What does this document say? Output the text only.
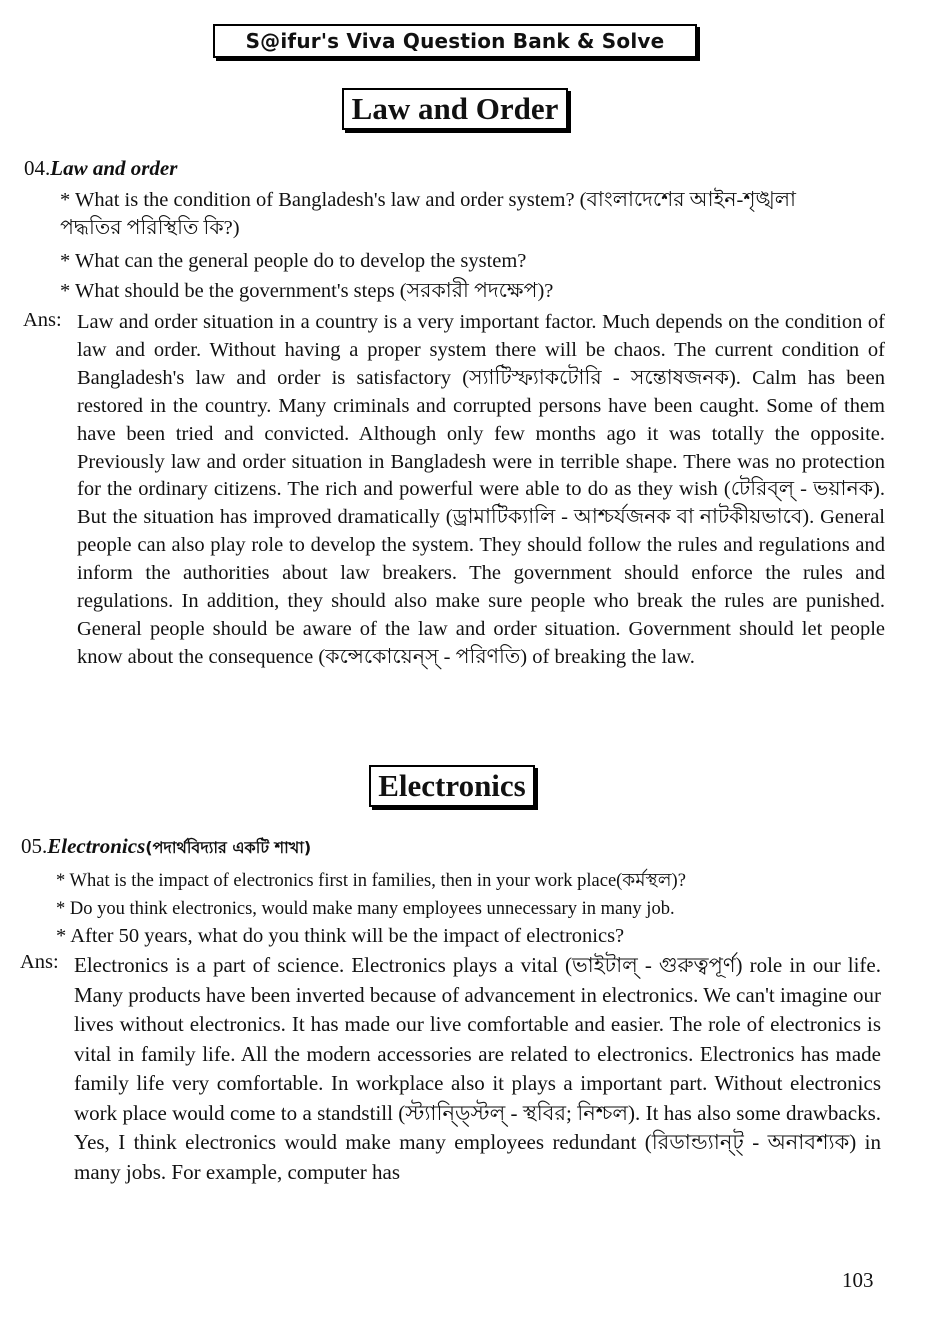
S@ifur's Viva Question Bank & Solve
Law and Order
04.Law and order
* What is the condition of Bangladesh's law and order system? (বাংলাদেশের আইন-শৃঙ্খলা পদ্ধতির পরিস্থিতি কি?)
* What can the general people do to develop the system?
* What should be the government's steps (সরকারী পদক্ষেপ)?
Ans: Law and order situation in a country is a very important factor. Much depends on the condition of law and order. Without having a proper system there will be chaos. The current condition of Bangladesh's law and order is satisfactory (স্যাটিস্ফ্যাকটোরি - সন্তোষজনক). Calm has been restored in the country. Many criminals and corrupted persons have been caught. Some of them have been tried and convicted. Although only few months ago it was totally the opposite. Previously law and order situation in Bangladesh were in terrible shape. There was no protection for the ordinary citizens. The rich and powerful were able to do as they wish (টেরিব্ল্ - ভয়ানক). But the situation has improved dramatically (ড্রামাটিক্যালি - আশ্চর্যজনক বা নাটকীয়ভাবে). General people can also play role to develop the system. They should follow the rules and regulations and inform the authorities about law breakers. The government should enforce the rules and regulations. In addition, they should also make sure people who break the rules are punished. General people should be aware of the law and order situation. Government should let people know about the consequence (কন্সেকোয়েন্স্ - পরিণতি) of breaking the law.
Electronics
05.Electronics(পদার্থবিদ্যার একটি শাখা)
* What is the impact of electronics first in families, then in your work place(কর্মস্থল)?
* Do you think electronics, would make many employees unnecessary in many job.
* After 50 years, what do you think will be the impact of electronics?
Ans: Electronics is a part of science. Electronics plays a vital (ভাইটাল্ - গুরুত্বপূর্ণ) role in our life. Many products have been inverted because of advancement in electronics. We can't imagine our lives without electronics. It has made our live comfortable and easier. The role of electronics is vital in family life. All the modern accessories are related to electronics. Electronics has made family life very comfortable. In workplace also it plays a important part. Without electronics work place would come to a standstill (স্ট্যান্ড্স্টিল্ - স্থবির; নিশ্চল). It has also some drawbacks. Yes, I think electronics would make many employees redundant (রিডান্ড্যান্ট্ - অনাবশ্যক) in many jobs. For example, computer has
103
